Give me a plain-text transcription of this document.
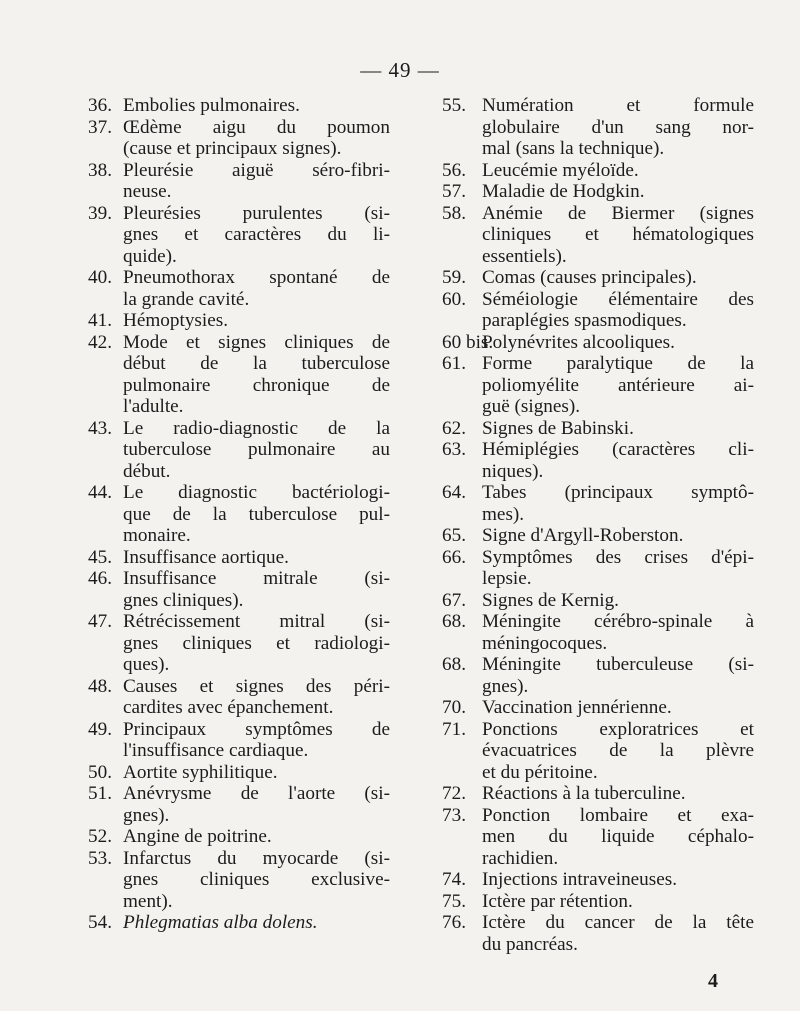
— 49 —
36. Embolies pulmonaires.
37. Œdème aigu du poumon
(cause et principaux signes).
38. Pleurésie aiguë séro-fibri-
neuse.
39. Pleurésies purulentes (si-
gnes et caractères du li-
quide).
40. Pneumothorax spontané de
la grande cavité.
41. Hémoptysies.
42. Mode et signes cliniques de
début de la tuberculose
pulmonaire chronique de
l'adulte.
43. Le radio-diagnostic de la
tuberculose pulmonaire au
début.
44. Le diagnostic bactériologi-
que de la tuberculose pul-
monaire.
45. Insuffisance aortique.
46. Insuffisance mitrale (si-
gnes cliniques).
47. Rétrécissement mitral (si-
gnes cliniques et radiologi-
ques).
48. Causes et signes des péri-
cardites avec épanchement.
49. Principaux symptômes de
l'insuffisance cardiaque.
50. Aortite syphilitique.
51. Anévrysme de l'aorte (si-
gnes).
52. Angine de poitrine.
53. Infarctus du myocarde (si-
gnes cliniques exclusive-
ment).
54. Phlegmatias alba dolens.
55. Numération et formule
globulaire d'un sang nor-
mal (sans la technique).
56. Leucémie myéloïde.
57. Maladie de Hodgkin.
58. Anémie de Biermer (signes
cliniques et hématologiques
essentiels).
59. Comas (causes principales).
60. Séméiologie élémentaire des
paraplégies spasmodiques.
60 bis.
Polynévrites alcooliques.
61. Forme paralytique de la
poliomyélite antérieure ai-
guë (signes).
62. Signes de Babinski.
63. Hémiplégies (caractères cli-
niques).
64. Tabes (principaux symptô-
mes).
65. Signe d'Argyll-Roberston.
66. Symptômes des crises d'épi-
lepsie.
67. Signes de Kernig.
68. Méningite cérébro-spinale à
méningocoques.
68. Méningite tuberculeuse (si-
gnes).
70. Vaccination jennérienne.
71. Ponctions exploratrices et
évacuatrices de la plèvre
et du péritoine.
72. Réactions à la tuberculine.
73. Ponction lombaire et exa-
men du liquide céphalo-
rachidien.
74. Injections intraveineuses.
75. Ictère par rétention.
76. Ictère du cancer de la tête
du pancréas.
4
